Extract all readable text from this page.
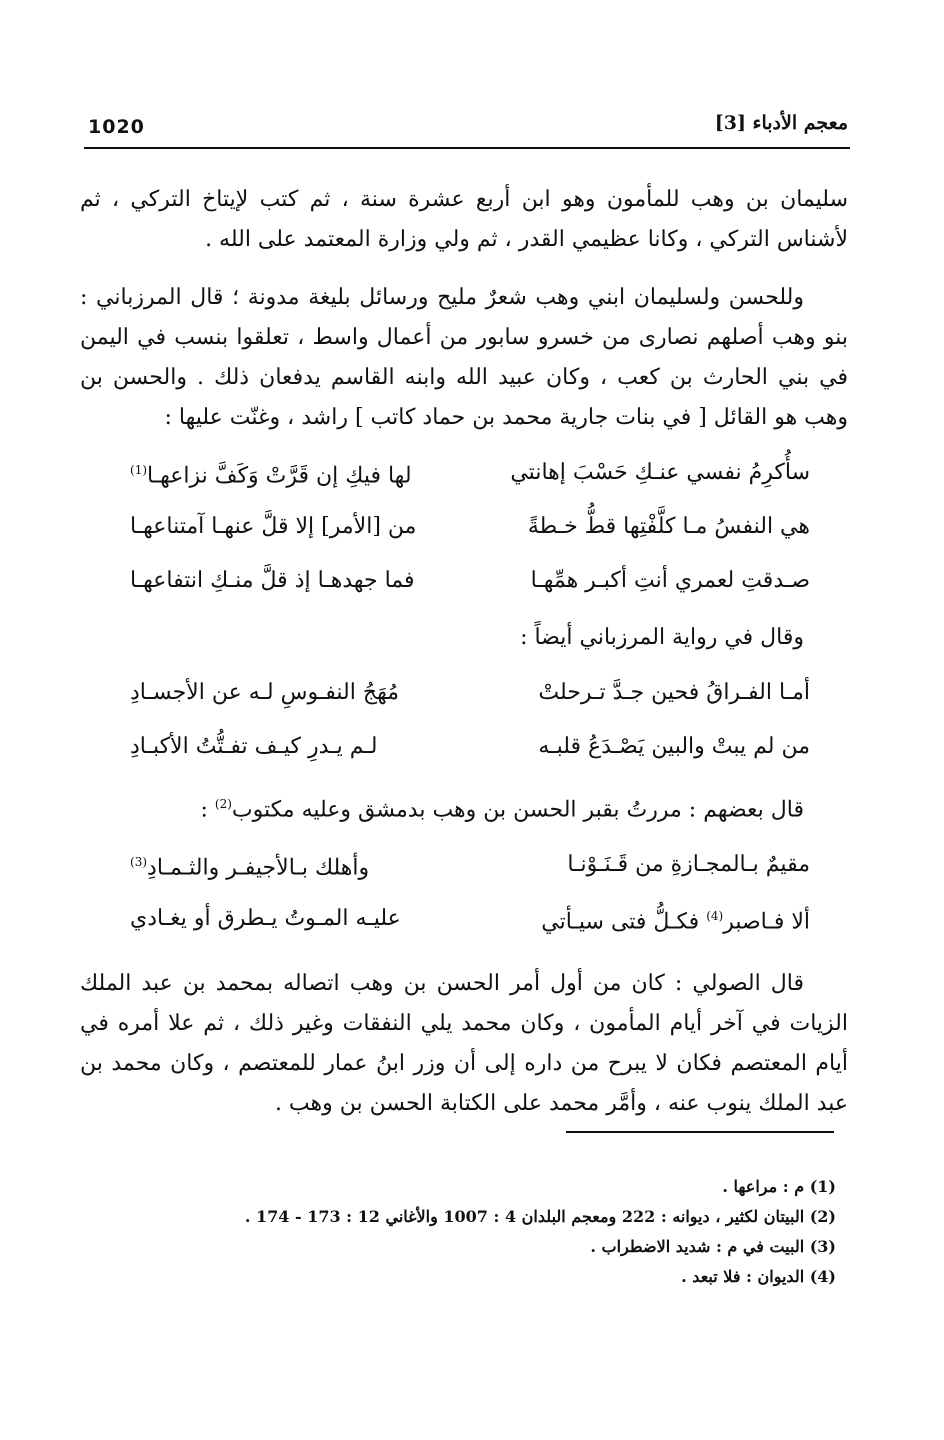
1020	معجم الأدباء [3]

سليمان بن وهب للمأمون وهو ابن أربع عشرة سنة ، ثم كتب لإيتاخ التركي ، ثم لأشناس التركي ، وكانا عظيمي القدر ، ثم ولي وزارة المعتمد على الله .

وللحسن ولسليمان ابني وهب شعرٌ مليح ورسائل بليغة مدونة ؛ قال المرزباني : بنو وهب أصلهم نصارى من خسرو سابور من أعمال واسط ، تعلقوا بنسب في اليمن في بني الحارث بن كعب ، وكان عبيد الله وابنه القاسم يدفعان ذلك . والحسن بن وهب هو القائل [ في بنات جارية محمد بن حماد كاتب ] راشد ، وغنّت عليها :

سأُكرِمُ نفسي عنـكِ حَسْبَ إهانتي
لها فيكِ إن قَرَّتْ وَكَفَّ نزاعهـا$^{(1)}$
هي النفسُ مـا كلَّفْتِها قطُّ خـطةً
من [الأمر] إلا قلَّ عنهـا آمتناعهـا
صـدقتِ لعمري أنتِ أكبـر همِّهـا
فما جهدهـا إذ قلَّ منـكِ انتفاعهـا

وقال في رواية المرزباني أيضاً :

أمـا الفـراقُ فحين جـدَّ تـرحلتْ
مُهَجُ النفـوسِ لـه عن الأجسـادِ
من لم يبتْ والبين يَصْـدَعُ قلبـه
لـم يـدرِ كيـف تفـتُّتُ الأكبـادِ

قال بعضهم : مررتُ بقبر الحسن بن وهب بدمشق وعليه مكتوب$^{(2)}$ :

مقيمٌ بـالمجـازةِ من قَـنَـوْنـا
وأهلك بـالأجيفـر والثـمـادِ$^{(3)}$
ألا فـاصبر$^{(4)}$ فكـلُّ فتى سيـأتي
عليـه المـوتُ يـطرق أو يغـادي

قال الصولي : كان من أول أمر الحسن بن وهب اتصاله بمحمد بن عبد الملك الزيات في آخر أيام المأمون ، وكان محمد يلي النفقات وغير ذلك ، ثم علا أمره في أيام المعتصم فكان لا يبرح من داره إلى أن وزر ابنُ عمار للمعتصم ، وكان محمد بن عبد الملك ينوب عنه ، وأمَّر محمد على الكتابة الحسن بن وهب .

(1) م : مراعها .

(2) البيتان لكثير ، ديوانه : 222 ومعجم البلدان 4 : 1007 والأغاني 12 : 173 - 174 .

(3) البيت في م : شديد الاضطراب .

(4) الديوان : فلا تبعد .
